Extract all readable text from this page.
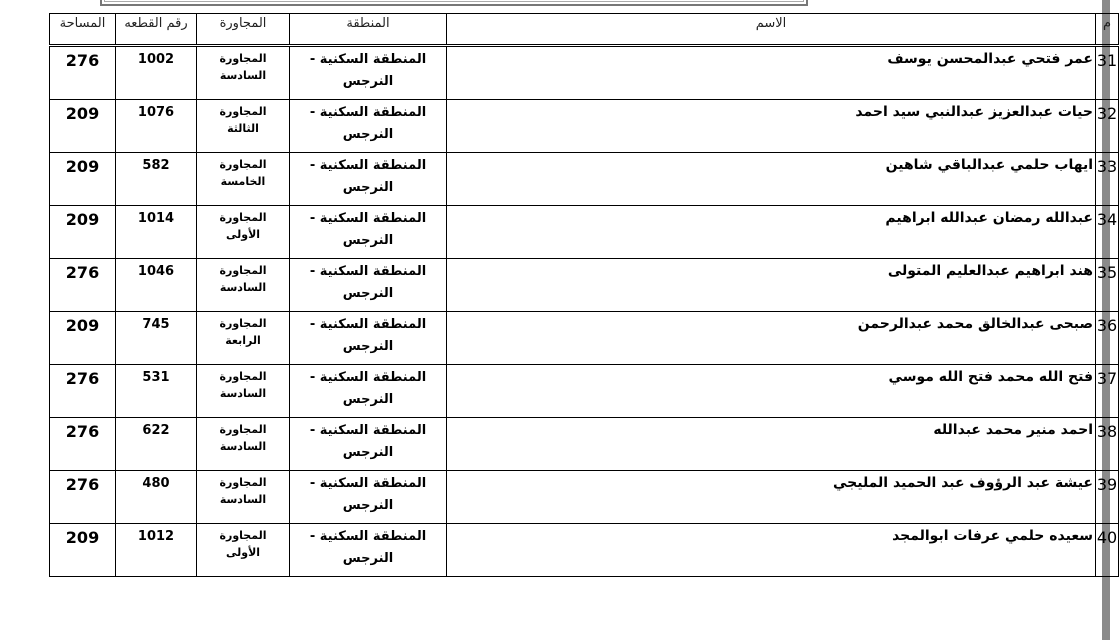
م	الاسم	المنطقة	المجاورة	رقم القطعه	المساحة
31	عمر فتحي عبدالمحسن يوسف	المنطقة السكنية - النرجس	المجاورة السادسة	1002	276
32	حيات عبدالعزيز عبدالنبي سيد احمد	المنطقة السكنية - النرجس	المجاورة الثالثة	1076	209
33	ايهاب حلمي عبدالباقي شاهين	المنطقة السكنية - النرجس	المجاورة الخامسة	582	209
34	عبدالله رمضان عبدالله ابراهيم	المنطقة السكنية - النرجس	المجاورة الأولى	1014	209
35	هند ابراهيم عبدالعليم المتولى	المنطقة السكنية - النرجس	المجاورة السادسة	1046	276
36	صبحى عبدالخالق محمد عبدالرحمن	المنطقة السكنية - النرجس	المجاورة الرابعة	745	209
37	فتح الله محمد فتح الله موسي	المنطقة السكنية - النرجس	المجاورة السادسة	531	276
38	احمد منير محمد عبدالله	المنطقة السكنية - النرجس	المجاورة السادسة	622	276
39	عيشة عبد الرؤوف عبد الحميد المليجي	المنطقة السكنية - النرجس	المجاورة السادسة	480	276
40	سعيده حلمي عرفات ابوالمجد	المنطقة السكنية - النرجس	المجاورة الأولى	1012	209
